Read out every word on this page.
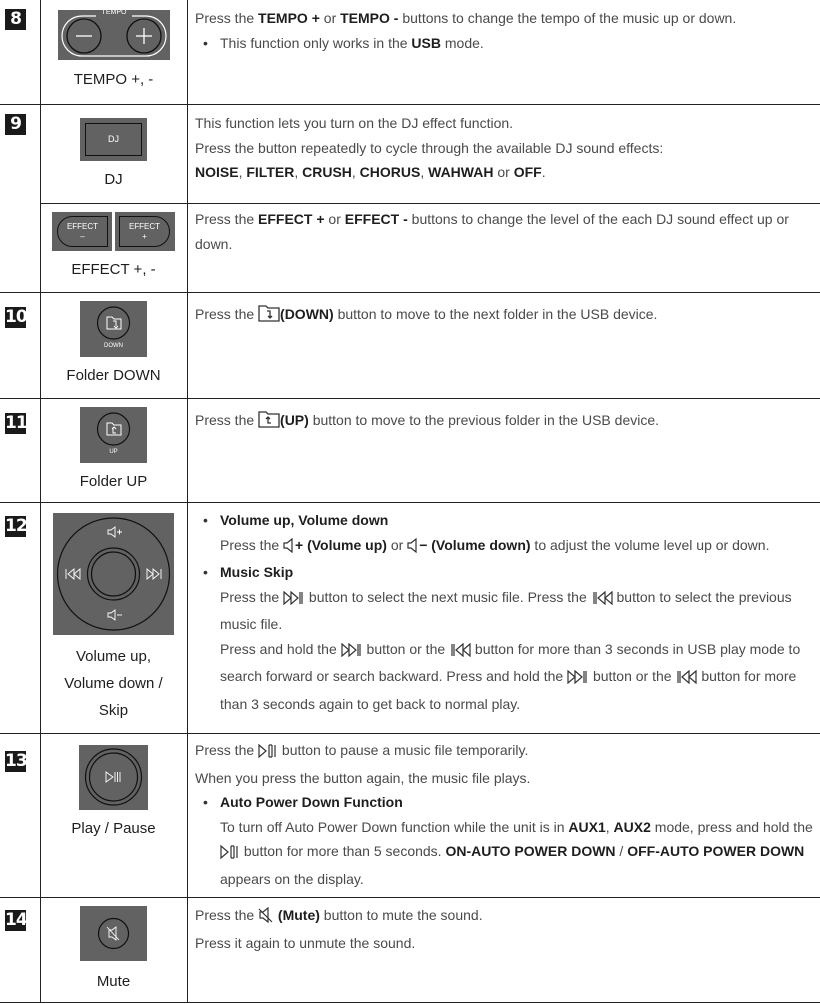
8	TEMPO
TEMPO +, -
Press the TEMPO + or TEMPO - buttons to change the tempo of the music up or down.
• This function only works in the USB mode.
9
DJ
DJ
This function lets you turn on the DJ effect function.
Press the button repeatedly to cycle through the available DJ sound effects:
NOISE, FILTER, CRUSH, CHORUS, WAHWAH or OFF.
EFFECT
–
EFFECT
+
EFFECT +, -
Press the EFFECT + or EFFECT - buttons to change the level of the each DJ sound effect up or down.
10
DOWN
Folder DOWN
Press the (DOWN) button to move to the next folder in the USB device.
11
UP
Folder UP
Press the (UP) button to move to the previous folder in the USB device.
12
Volume up,
Volume down /
Skip
• Volume up, Volume down
Press the + (Volume up) or − (Volume down) to adjust the volume level up or down.
• Music Skip
Press the  button to select the next music file. Press the  button to select the previous music file.
Press and hold the  button or the  button for more than 3 seconds in USB play mode to search forward or search backward. Press and hold the  button or the  button for more than 3 seconds again to get back to normal play.
13
Play / Pause
Press the  button to pause a music file temporarily.
When you press the button again, the music file plays.
• Auto Power Down Function
To turn off Auto Power Down function while the unit is in AUX1, AUX2 mode, press and hold the  button for more than 5 seconds. ON-AUTO POWER DOWN / OFF-AUTO POWER DOWN appears on the display.
14
Mute
Press the  (Mute) button to mute the sound.
Press it again to unmute the sound.
